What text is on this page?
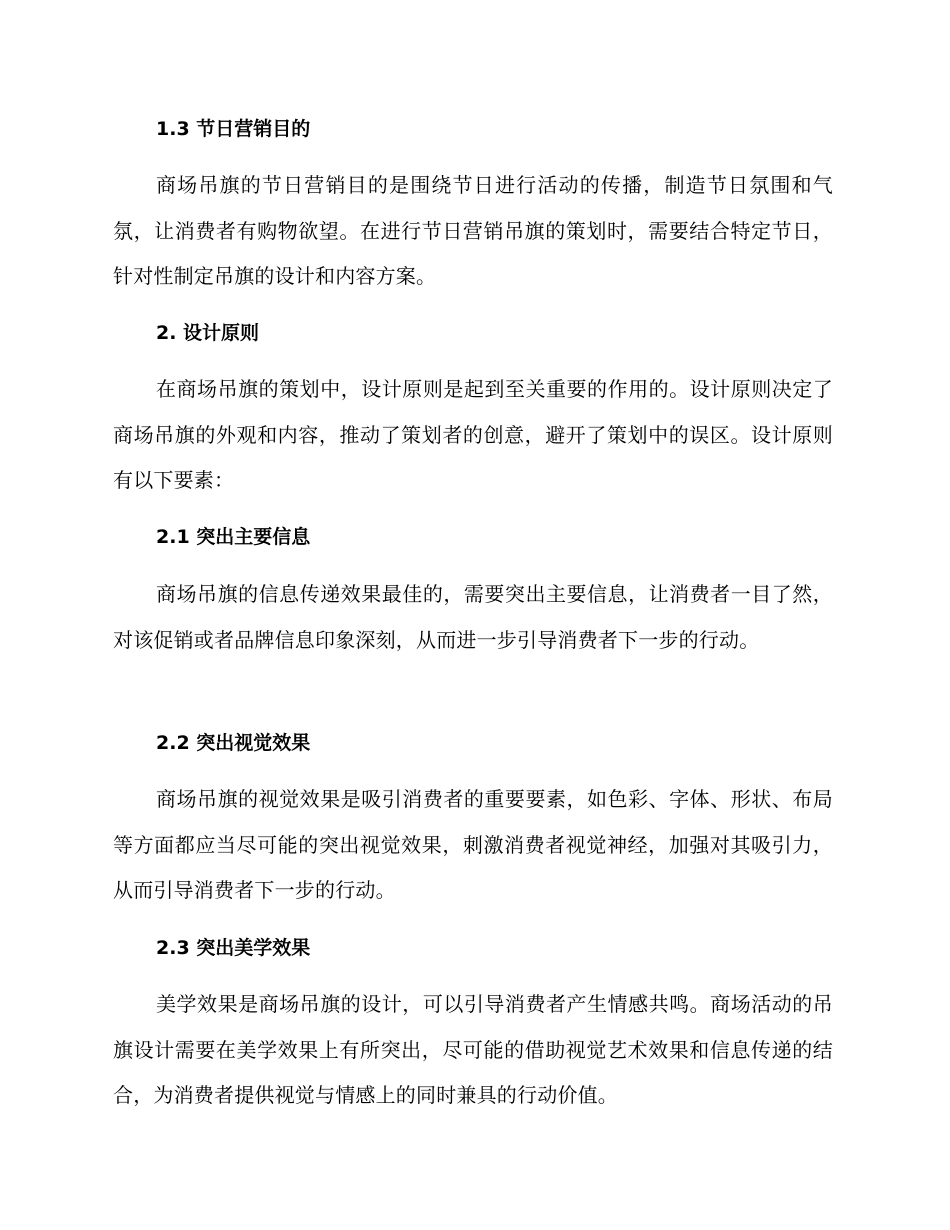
1.3 节日营销目的
商场吊旗的节日营销目的是围绕节日进行活动的传播，制造节日氛围和气氛，让消费者有购物欲望。在进行节日营销吊旗的策划时，需要结合特定节日，针对性制定吊旗的设计和内容方案。
2. 设计原则
在商场吊旗的策划中，设计原则是起到至关重要的作用的。设计原则决定了商场吊旗的外观和内容，推动了策划者的创意，避开了策划中的误区。设计原则有以下要素：
2.1 突出主要信息
商场吊旗的信息传递效果最佳的，需要突出主要信息，让消费者一目了然，对该促销或者品牌信息印象深刻，从而进一步引导消费者下一步的行动。
2.2 突出视觉效果
商场吊旗的视觉效果是吸引消费者的重要要素，如色彩、字体、形状、布局等方面都应当尽可能的突出视觉效果，刺激消费者视觉神经，加强对其吸引力，从而引导消费者下一步的行动。
2.3 突出美学效果
美学效果是商场吊旗的设计，可以引导消费者产生情感共鸣。商场活动的吊旗设计需要在美学效果上有所突出，尽可能的借助视觉艺术效果和信息传递的结合，为消费者提供视觉与情感上的同时兼具的行动价值。
